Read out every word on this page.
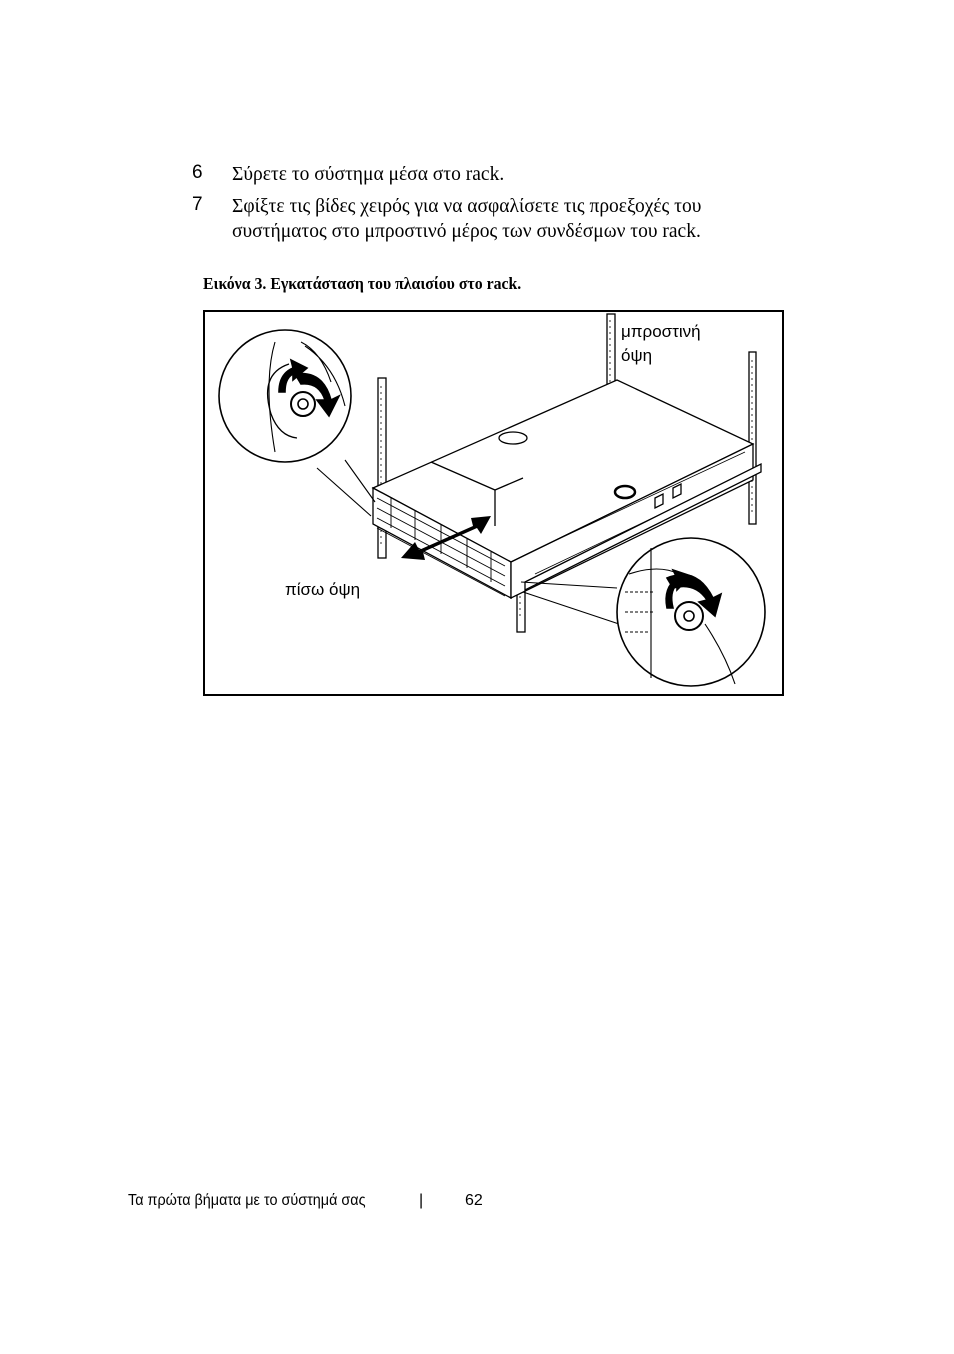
6	Σύρετε το σύστημα μέσα στο rack.
7	Σφίξτε τις βίδες χειρός για να ασφαλίσετε τις προεξοχές του συστήματος στο μπροστινό μέρος των συνδέσμων του rack.
Εικόνα 3. Εγκατάσταση του πλαισίου στο rack.
μπροστινή όψη
πίσω όψη
Τα πρώτα βήματα με το σύστημά σας	|	62
